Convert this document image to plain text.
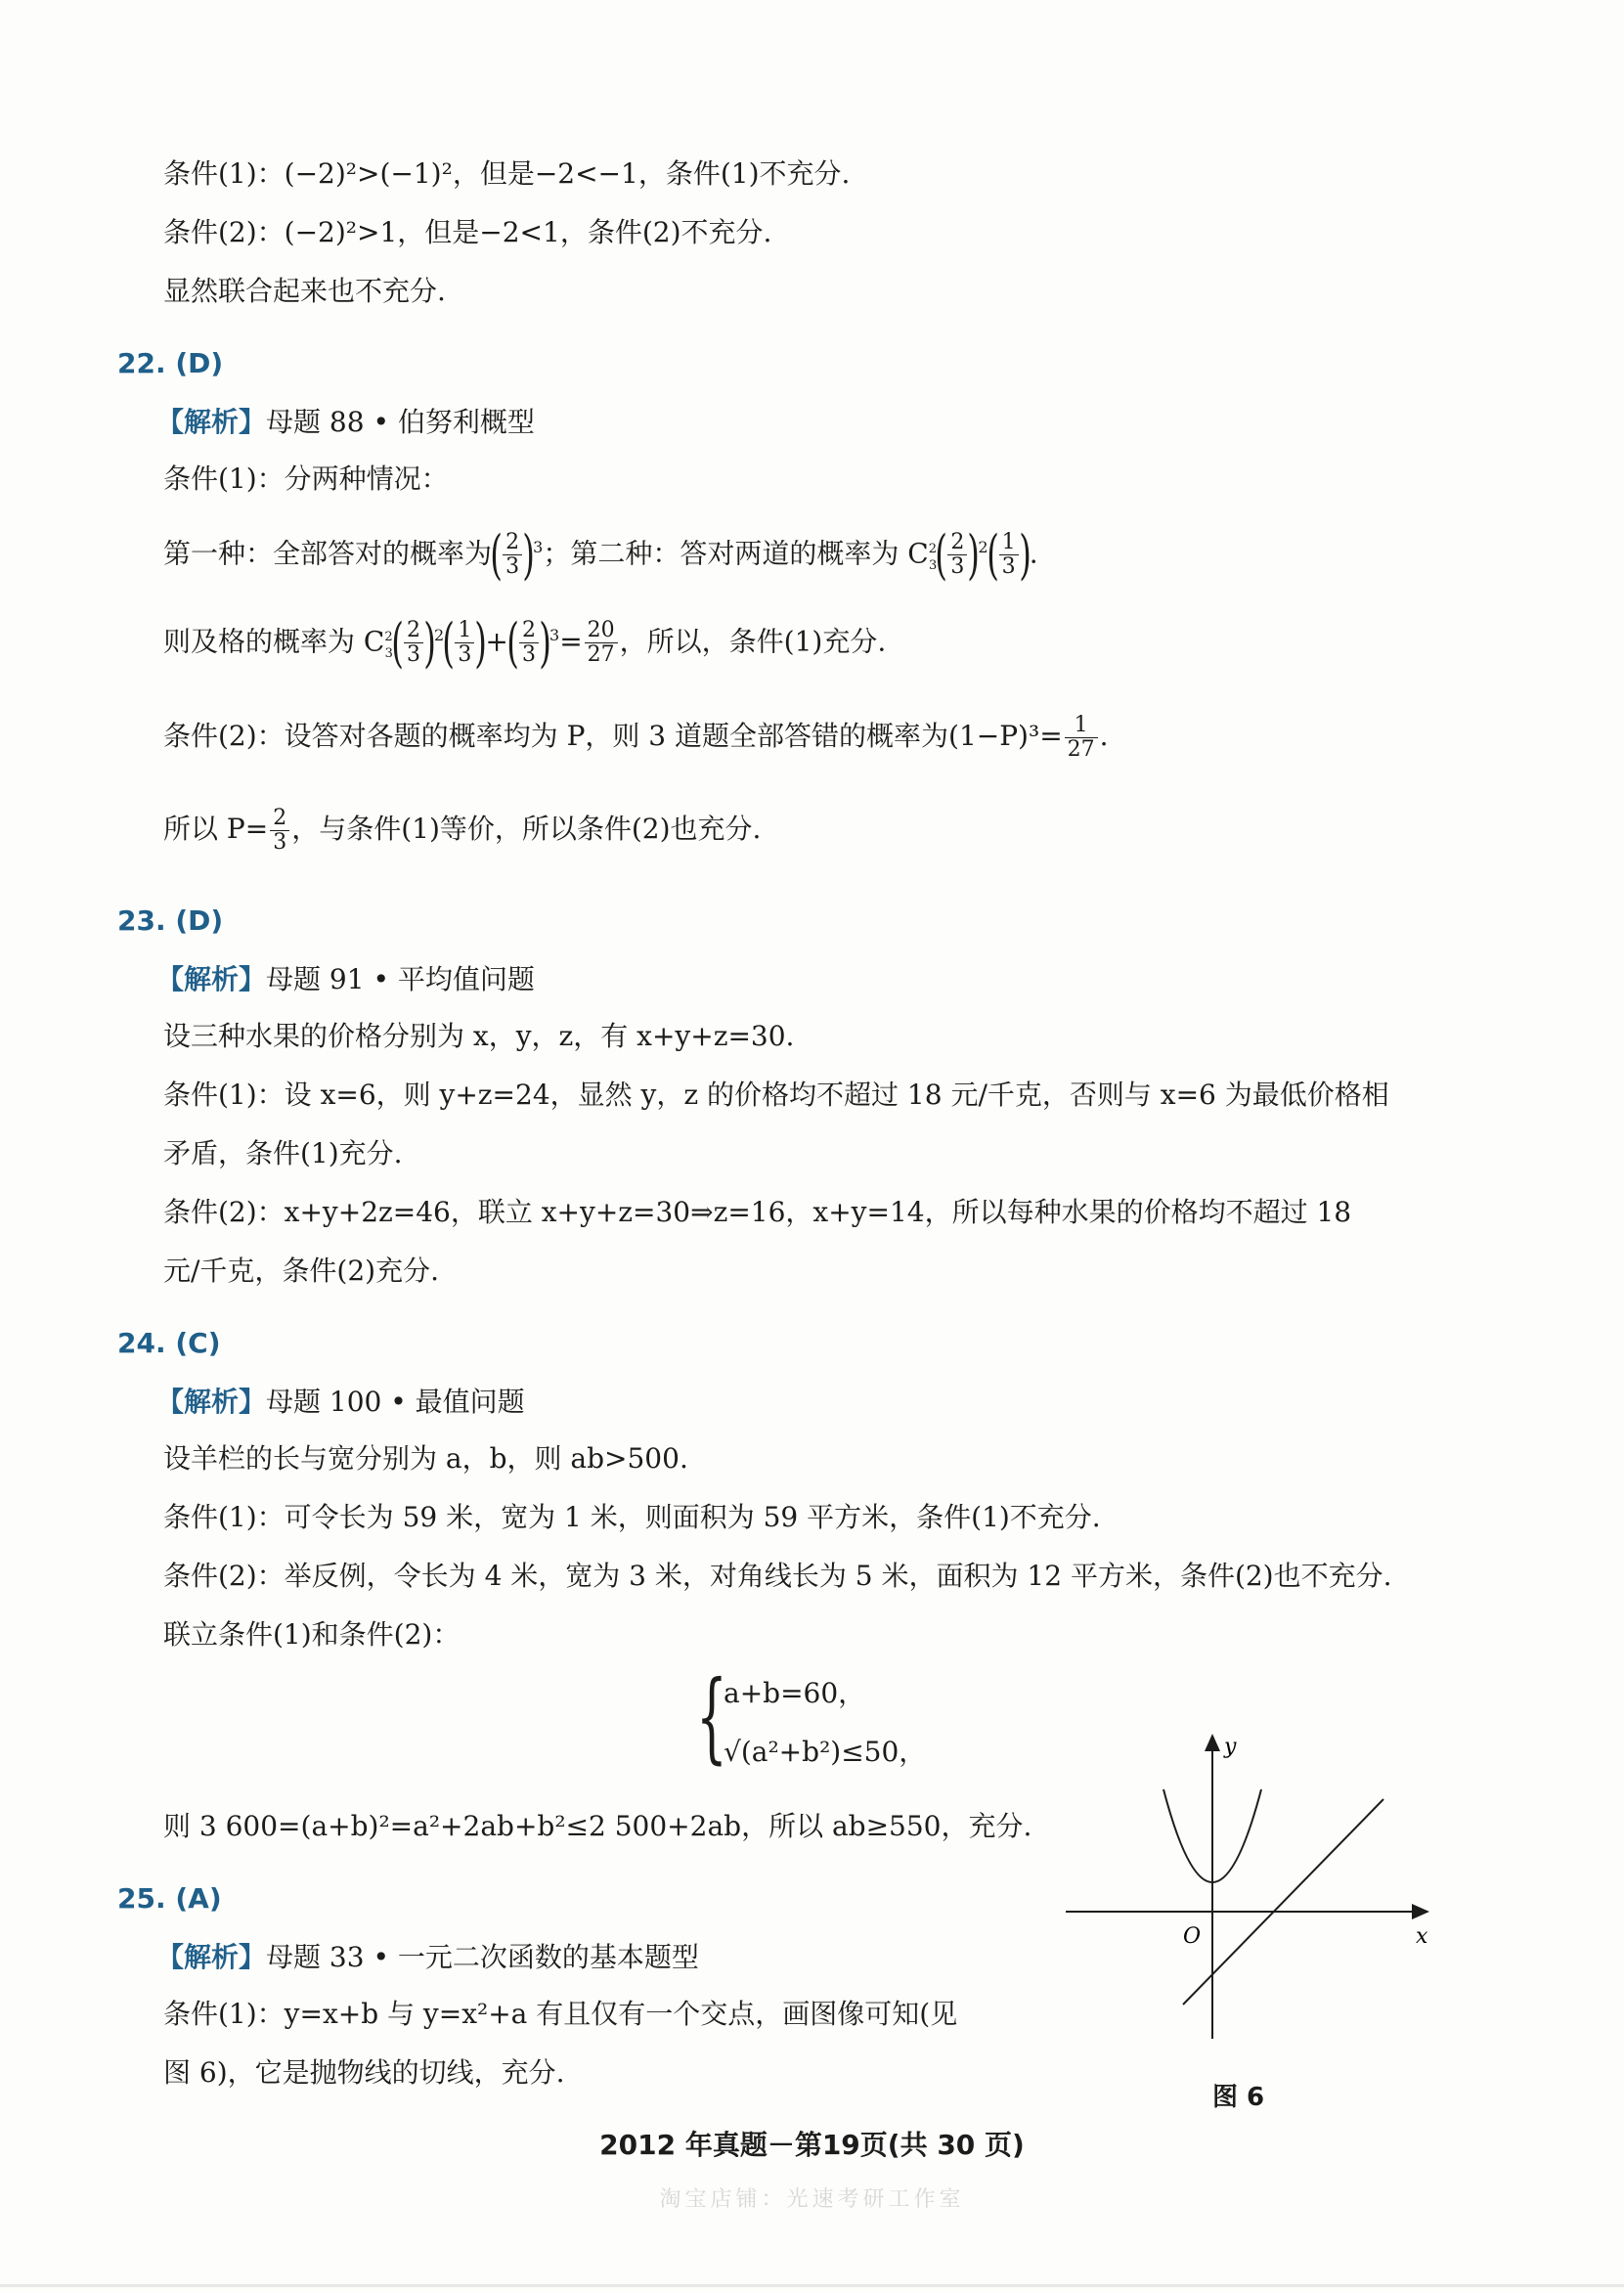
条件(1)：(−2)²>(−1)²，但是−2<−1，条件(1)不充分.
条件(2)：(−2)²>1，但是−2<1，条件(2)不充分.
显然联合起来也不充分.
22. (D)
【解析】母题 88 • 伯努利概型
条件(1)：分两种情况：
第一种：全部答对的概率为( $\frac{2}{3} )^3$；第二种：答对两道的概率为 $C^2_3( \frac{2}{3} )^2( \frac{1}{3}$ ).
则及格的概率为 $C^2_3( \frac{2}{3} )^2( \frac{1}{3}$ )+( $\frac{2}{3} )^3= \frac{20}{27}$ ，所以，条件(1)充分.
条件(2)：设答对各题的概率均为 P，则 3 道题全部答错的概率为$(1-P)^3= \frac{1}{27}$ .
所以 $P= \frac{2}{3}$ ，与条件(1)等价，所以条件(2)也充分.
23. (D)
【解析】母题 91 • 平均值问题
设三种水果的价格分别为 x，y，z，有 x+y+z=30.
条件(1)：设 x=6，则 y+z=24，显然 y，z 的价格均不超过 18 元/千克，否则与 x=6 为最低价格相
矛盾，条件(1)充分.
条件(2)：x+y+2z=46，联立 x+y+z=30⇒z=16，x+y=14，所以每种水果的价格均不超过 18
元/千克，条件(2)充分.
24. (C)
【解析】母题 100 • 最值问题
设羊栏的长与宽分别为 a，b，则 ab>500.
条件(1)：可令长为 59 米，宽为 1 米，则面积为 59 平方米，条件(1)不充分.
条件(2)：举反例，令长为 4 米，宽为 3 米，对角线长为 5 米，面积为 12 平方米，条件(2)也不充分.
联立条件(1)和条件(2)：
{
a+b=60，
√(a²+b²)≤50，
则 3 600=(a+b)²=a²+2ab+b²≤2 500+2ab，所以 ab≥550，充分.
25. (A)
【解析】母题 33 • 一元二次函数的基本题型
条件(1)：y=x+b 与 y=x²+a 有且仅有一个交点，画图像可知(见
图 6)，它是抛物线的切线，充分.
y
x
O
图 6
2012 年真题－第19页(共 30 页)
淘宝店铺：光速考研工作室
